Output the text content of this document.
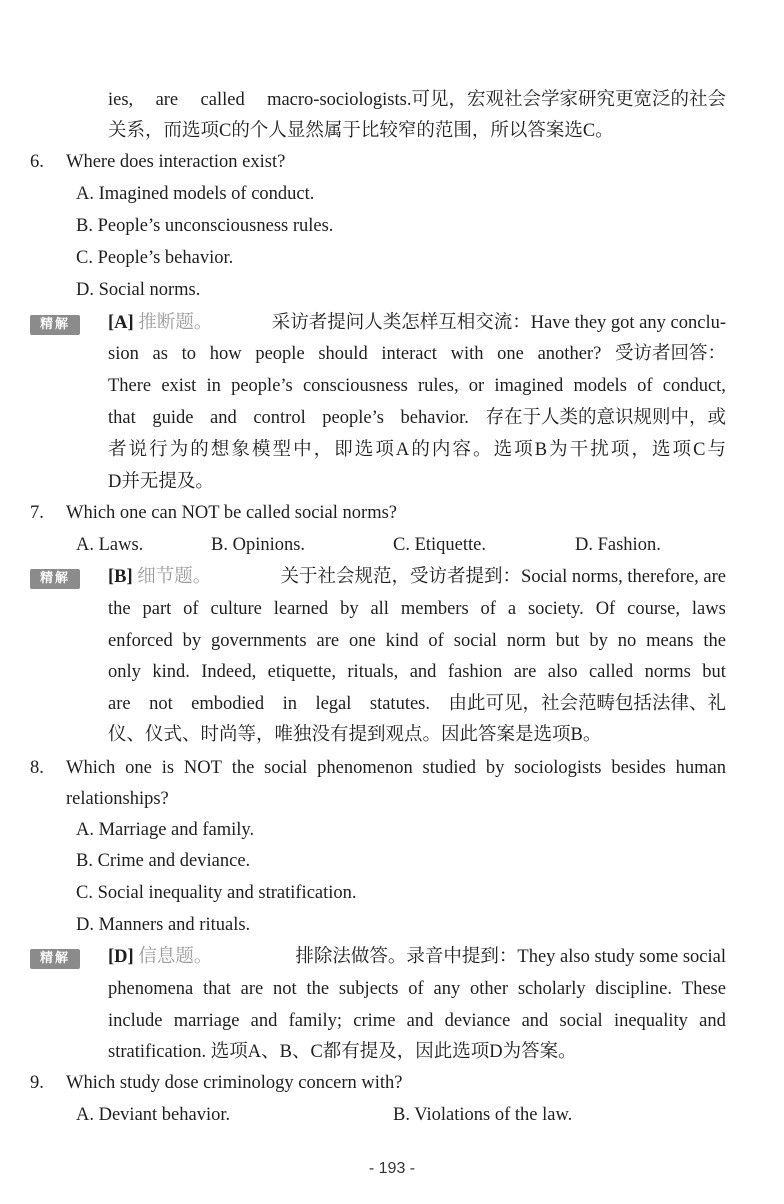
ies, are called macro-sociologists.可见，宏观社会学家研究更宽泛的社会
关系，而选项C的个人显然属于比较窄的范围，所以答案选C。
6. Where does interaction exist?
A. Imagined models of conduct.
B. People’s unconsciousness rules.
C. People’s behavior.
D. Social norms.
精解	[A] 推断题。	采访者提问人类怎样互相交流：Have they got any conclu-
sion as to how people should interact with one another? 受访者回答：
There exist in people’s consciousness rules, or imagined models of conduct,
that guide and control people’s behavior. 存在于人类的意识规则中，或
者说行为的想象模型中，即选项A的内容。选项B为干扰项，选项C与
D并无提及。
7. Which one can NOT be called social norms?
A. Laws.	B. Opinions.	C. Etiquette.	D. Fashion.
精解	[B] 细节题。	关于社会规范，受访者提到：Social norms, therefore, are
the part of culture learned by all members of a society. Of course, laws
enforced by governments are one kind of social norm but by no means the
only kind. Indeed, etiquette, rituals, and fashion are also called norms but
are not embodied in legal statutes. 由此可见，社会范畴包括法律、礼
仪、仪式、时尚等，唯独没有提到观点。因此答案是选项B。
8. Which one is NOT the social phenomenon studied by sociologists besides human
relationships?
A. Marriage and family.
B. Crime and deviance.
C. Social inequality and stratification.
D. Manners and rituals.
精解	[D] 信息题。	排除法做答。录音中提到：They also study some social
phenomena that are not the subjects of any other scholarly discipline. These
include marriage and family; crime and deviance and social inequality and
stratification. 选项A、B、C都有提及，因此选项D为答案。
9. Which study dose criminology concern with?
A. Deviant behavior.	B. Violations of the law.
- 193 -
